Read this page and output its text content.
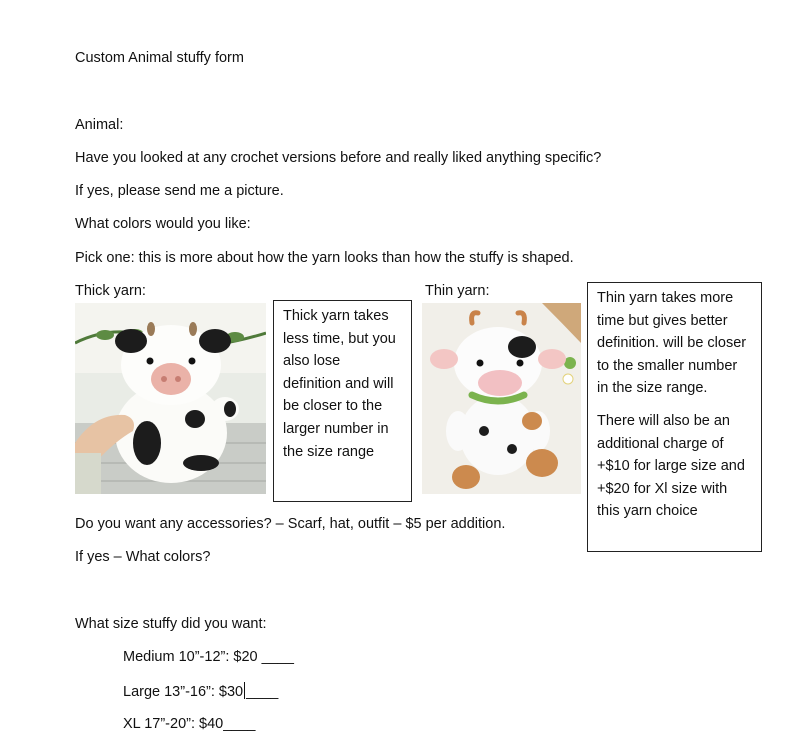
Custom Animal stuffy form
Animal:
Have you looked at any crochet versions before and really liked anything specific?
If yes, please send me a picture.
What colors would you like:
Pick one: this is more about how the yarn looks than how the stuffy is shaped.
Thick yarn:	Thin yarn:

Thick yarn takes less time, but you also lose definition and will be closer to the larger number in the size range

Thin yarn takes more time but gives better definition. will be closer to the smaller number in the size range.

There will also be an additional charge of +$10 for large size and +$20 for Xl size with this yarn choice

Do you want any accessories? – Scarf, hat, outfit – $5 per addition.
If yes – What colors?
What size stuffy did you want:
Medium 10”-12”: $20 ____
Large 13”-16”: $30 ____
XL 17”-20”: $40____
